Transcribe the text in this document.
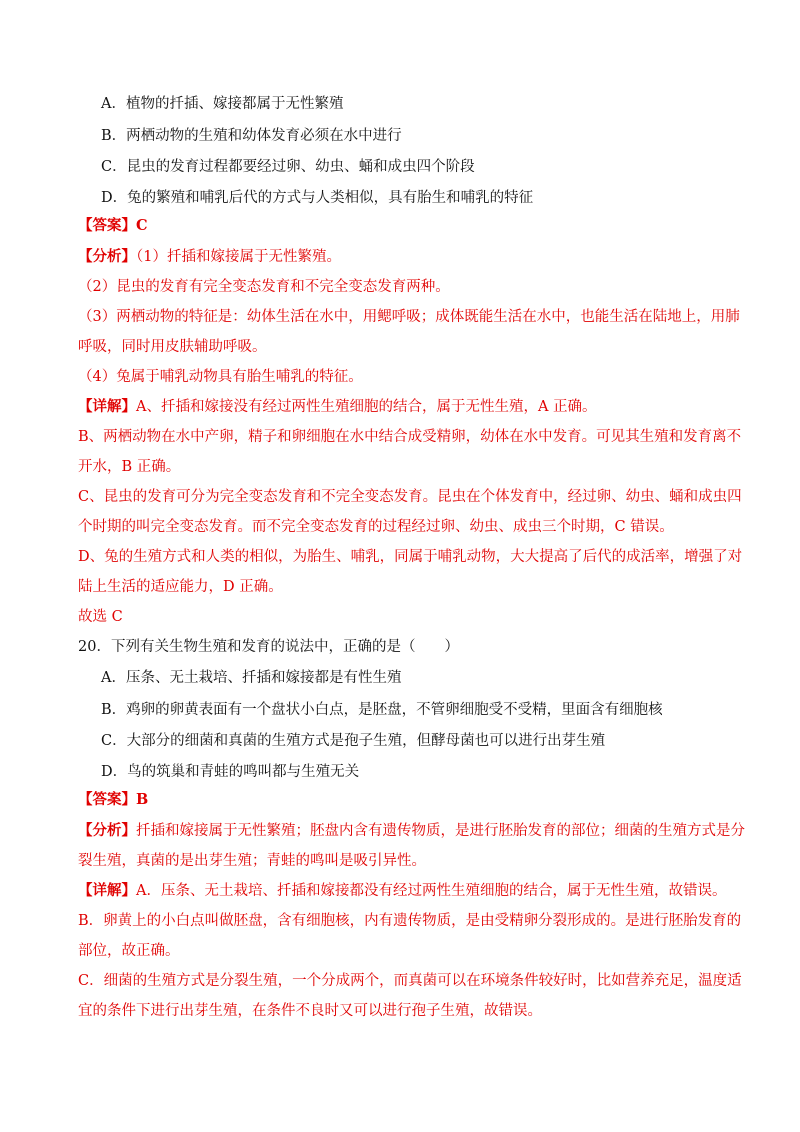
A．植物的扦插、嫁接都属于无性繁殖
B．两栖动物的生殖和幼体发育必须在水中进行
C．昆虫的发育过程都要经过卵、幼虫、蛹和成虫四个阶段
D．兔的繁殖和哺乳后代的方式与人类相似，具有胎生和哺乳的特征
【答案】C
【分析】（1）扦插和嫁接属于无性繁殖。
（2）昆虫的发育有完全变态发育和不完全变态发育两种。
（3）两栖动物的特征是：幼体生活在水中，用鳃呼吸；成体既能生活在水中，也能生活在陆地上，用肺
呼吸，同时用皮肤辅助呼吸。
（4）兔属于哺乳动物具有胎生哺乳的特征。
【详解】A、扦插和嫁接没有经过两性生殖细胞的结合，属于无性生殖，A 正确。
B、两栖动物在水中产卵，精子和卵细胞在水中结合成受精卵，幼体在水中发育。可见其生殖和发育离不
开水，B 正确。
C、昆虫的发育可分为完全变态发育和不完全变态发育。昆虫在个体发育中，经过卵、幼虫、蛹和成虫四
个时期的叫完全变态发育。而不完全变态发育的过程经过卵、幼虫、成虫三个时期，C 错误。
D、兔的生殖方式和人类的相似，为胎生、哺乳，同属于哺乳动物，大大提高了后代的成活率，增强了对
陆上生活的适应能力，D 正确。
故选 C
20．下列有关生物生殖和发育的说法中，正确的是（　　）
A．压条、无土栽培、扦插和嫁接都是有性生殖
B．鸡卵的卵黄表面有一个盘状小白点，是胚盘，不管卵细胞受不受精，里面含有细胞核
C．大部分的细菌和真菌的生殖方式是孢子生殖，但酵母菌也可以进行出芽生殖
D．鸟的筑巢和青蛙的鸣叫都与生殖无关
【答案】B
【分析】扦插和嫁接属于无性繁殖；胚盘内含有遗传物质，是进行胚胎发育的部位；细菌的生殖方式是分
裂生殖，真菌的是出芽生殖；青蛙的鸣叫是吸引异性。
【详解】A．压条、无土栽培、扦插和嫁接都没有经过两性生殖细胞的结合，属于无性生殖，故错误。
B．卵黄上的小白点叫做胚盘，含有细胞核，内有遗传物质，是由受精卵分裂形成的。是进行胚胎发育的
部位，故正确。
C．细菌的生殖方式是分裂生殖，一个分成两个，而真菌可以在环境条件较好时，比如营养充足，温度适
宜的条件下进行出芽生殖，在条件不良时又可以进行孢子生殖，故错误。
